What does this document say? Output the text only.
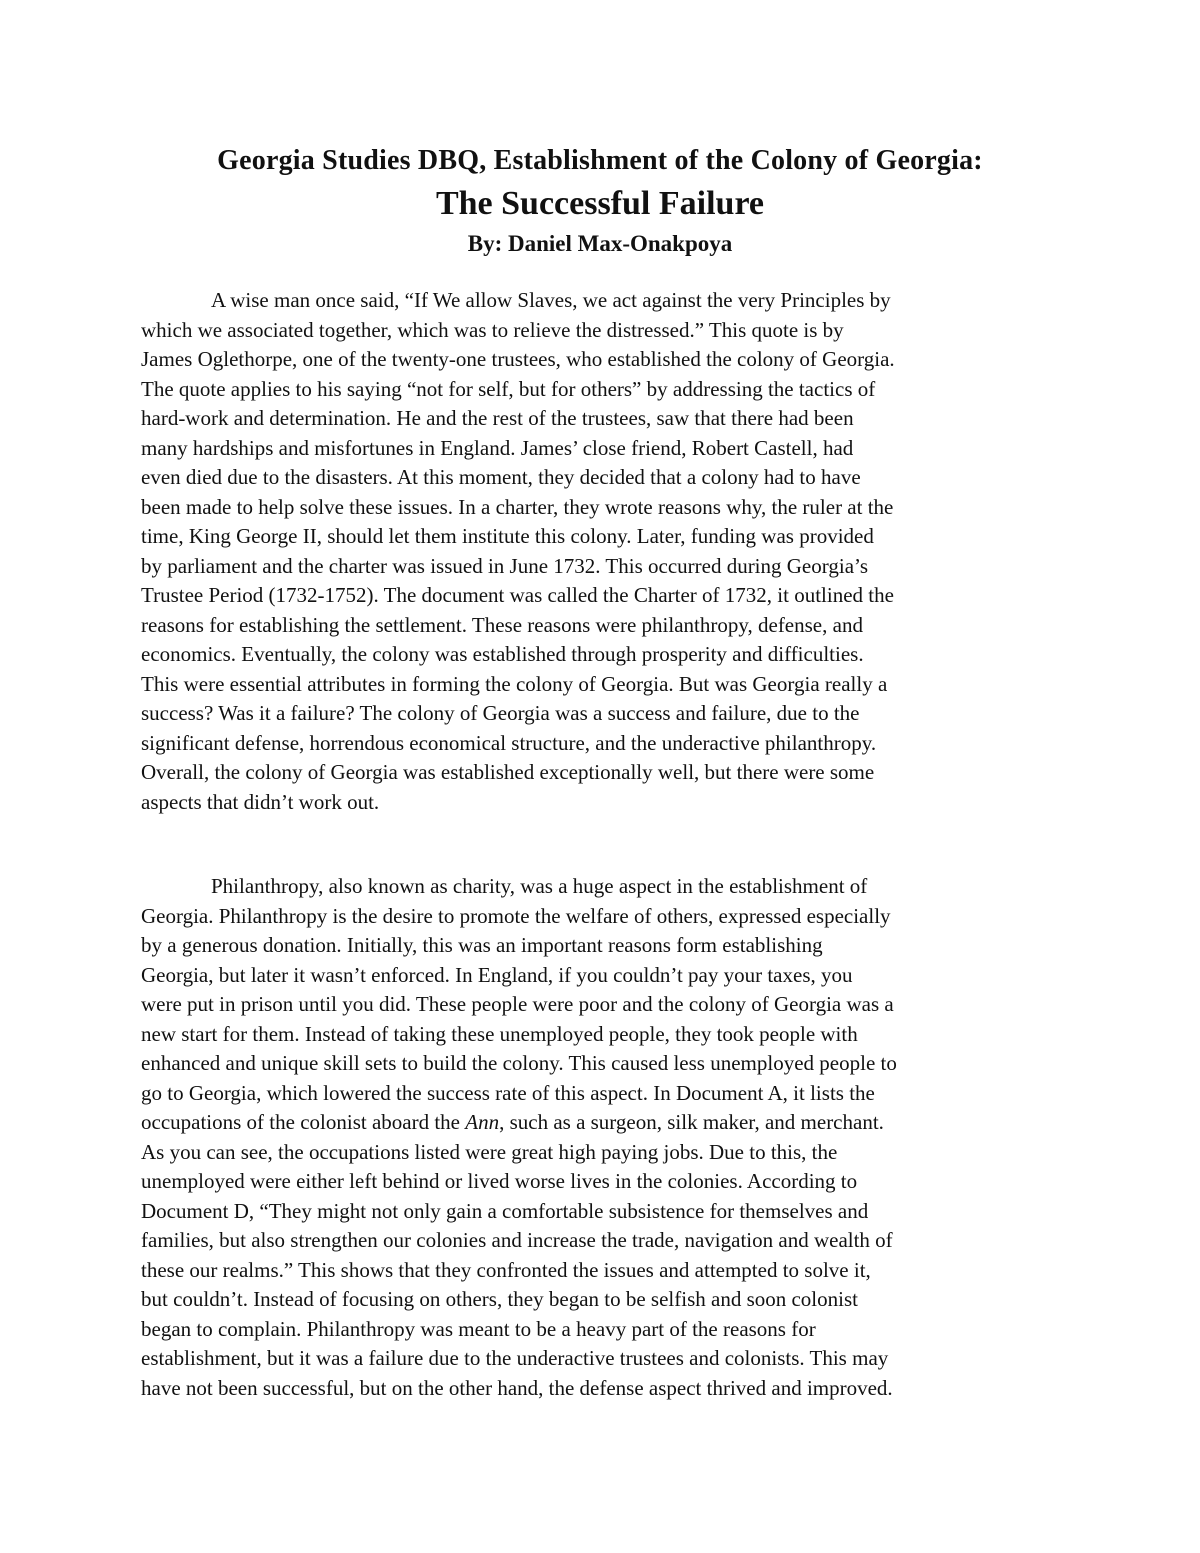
Georgia Studies DBQ, Establishment of the Colony of Georgia:
The Successful Failure
By: Daniel Max-Onakpoya
A wise man once said, “If We allow Slaves, we act against the very Principles by
which we associated together, which was to relieve the distressed.” This quote is by
James Oglethorpe, one of the twenty-one trustees, who established the colony of Georgia.
The quote applies to his saying “not for self, but for others” by addressing the tactics of
hard-work and determination. He and the rest of the trustees, saw that there had been
many hardships and misfortunes in England. James’ close friend, Robert Castell, had
even died due to the disasters. At this moment, they decided that a colony had to have
been made to help solve these issues. In a charter, they wrote reasons why, the ruler at the
time, King George II, should let them institute this colony. Later, funding was provided
by parliament and the charter was issued in June 1732. This occurred during Georgia’s
Trustee Period (1732-1752). The document was called the Charter of 1732, it outlined the
reasons for establishing the settlement. These reasons were philanthropy, defense, and
economics. Eventually, the colony was established through prosperity and difficulties.
This were essential attributes in forming the colony of Georgia. But was Georgia really a
success? Was it a failure? The colony of Georgia was a success and failure, due to the
significant defense, horrendous economical structure, and the underactive philanthropy.
Overall, the colony of Georgia was established exceptionally well, but there were some
aspects that didn’t work out.
Philanthropy, also known as charity, was a huge aspect in the establishment of
Georgia. Philanthropy is the desire to promote the welfare of others, expressed especially
by a generous donation. Initially, this was an important reasons form establishing
Georgia, but later it wasn’t enforced. In England, if you couldn’t pay your taxes, you
were put in prison until you did. These people were poor and the colony of Georgia was a
new start for them. Instead of taking these unemployed people, they took people with
enhanced and unique skill sets to build the colony. This caused less unemployed people to
go to Georgia, which lowered the success rate of this aspect. In Document A, it lists the
occupations of the colonist aboard the Ann, such as a surgeon, silk maker, and merchant.
As you can see, the occupations listed were great high paying jobs. Due to this, the
unemployed were either left behind or lived worse lives in the colonies. According to
Document D, “They might not only gain a comfortable subsistence for themselves and
families, but also strengthen our colonies and increase the trade, navigation and wealth of
these our realms.” This shows that they confronted the issues and attempted to solve it,
but couldn’t. Instead of focusing on others, they began to be selfish and soon colonist
began to complain. Philanthropy was meant to be a heavy part of the reasons for
establishment, but it was a failure due to the underactive trustees and colonists. This may
have not been successful, but on the other hand, the defense aspect thrived and improved.
